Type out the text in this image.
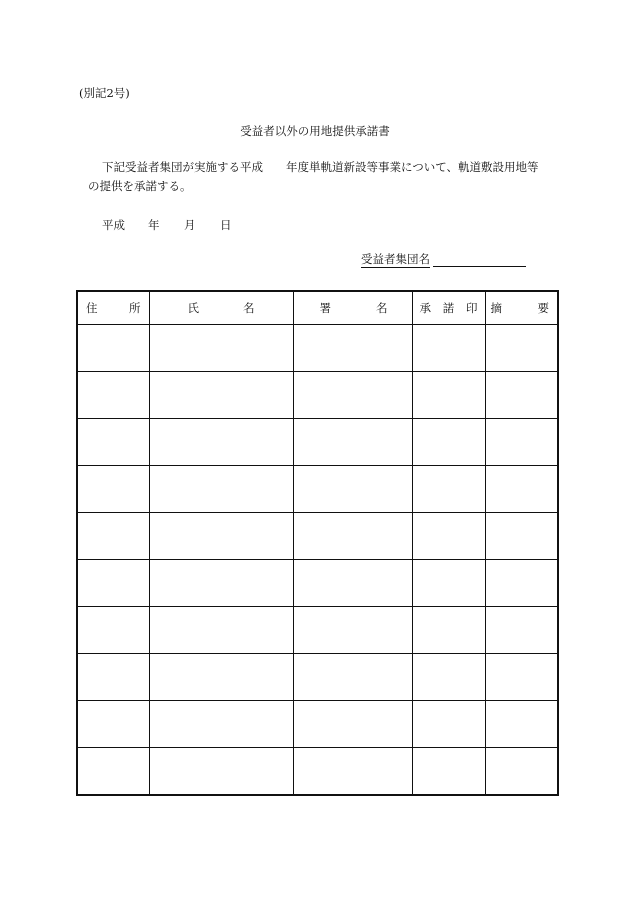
(別記2号)
受益者以外の用地提供承諾書
下記受益者集団が実施する平成　　年度単軌道新設等事業について、軌道敷設用地等
の提供を承諾する。
平成 年 月 日
受益者集団名
住 所	氏 名	署 名	承 諾 印	摘 要
